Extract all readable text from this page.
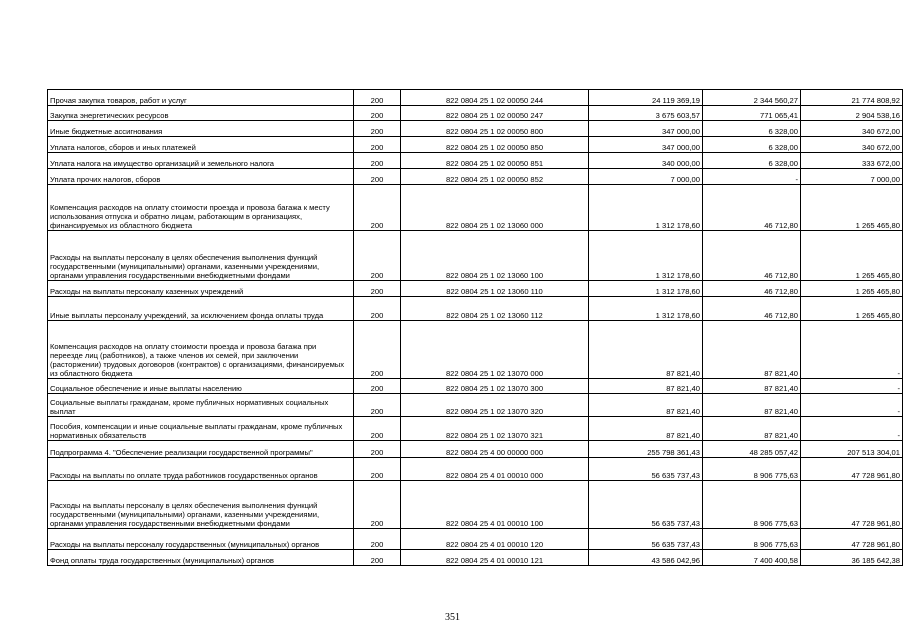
Прочая закупка товаров, работ и услуг	200	822 0804 25 1 02 00050 244	24 119 369,19	2 344 560,27	21 774 808,92
Закупка энергетических ресурсов	200	822 0804 25 1 02 00050 247	3 675 603,57	771 065,41	2 904 538,16
Иные бюджетные ассигнования	200	822 0804 25 1 02 00050 800	347 000,00	6 328,00	340 672,00
Уплата налогов, сборов и иных платежей	200	822 0804 25 1 02 00050 850	347 000,00	6 328,00	340 672,00
Уплата налога на имущество организаций и земельного налога	200	822 0804 25 1 02 00050 851	340 000,00	6 328,00	333 672,00
Уплата прочих налогов, сборов	200	822 0804 25 1 02 00050 852	7 000,00	-	7 000,00
Компенсация расходов на оплату стоимости проезда и провоза багажа к месту использования отпуска и обратно лицам, работающим в организациях, финансируемых из областного бюджета	200	822 0804 25 1 02 13060 000	1 312 178,60	46 712,80	1 265 465,80
Расходы на выплаты персоналу в целях обеспечения выполнения функций государственными (муниципальными) органами, казенными учреждениями, органами управления государственными внебюджетными фондами	200	822 0804 25 1 02 13060 100	1 312 178,60	46 712,80	1 265 465,80
Расходы на выплаты персоналу казенных учреждений	200	822 0804 25 1 02 13060 110	1 312 178,60	46 712,80	1 265 465,80
Иные выплаты персоналу учреждений, за исключением фонда оплаты труда	200	822 0804 25 1 02 13060 112	1 312 178,60	46 712,80	1 265 465,80
Компенсация расходов на оплату стоимости проезда и провоза багажа при переезде лиц (работников), а также членов их семей, при заключении (расторжении) трудовых договоров (контрактов) с организациями, финансируемых из областного бюджета	200	822 0804 25 1 02 13070 000	87 821,40	87 821,40	-
Социальное обеспечение и иные выплаты населению	200	822 0804 25 1 02 13070 300	87 821,40	87 821,40	-
Социальные выплаты гражданам, кроме публичных нормативных социальных выплат	200	822 0804 25 1 02 13070 320	87 821,40	87 821,40	-
Пособия, компенсации и иные социальные выплаты гражданам, кроме публичных нормативных обязательств	200	822 0804 25 1 02 13070 321	87 821,40	87 821,40	-
Подпрограмма 4. "Обеспечение реализации государственной программы"	200	822 0804 25 4 00 00000 000	255 798 361,43	48 285 057,42	207 513 304,01
Расходы на выплаты по оплате труда работников государственных органов	200	822 0804 25 4 01 00010 000	56 635 737,43	8 906 775,63	47 728 961,80
Расходы на выплаты персоналу в целях обеспечения выполнения функций государственными (муниципальными) органами, казенными учреждениями, органами управления государственными внебюджетными фондами	200	822 0804 25 4 01 00010 100	56 635 737,43	8 906 775,63	47 728 961,80
Расходы на выплаты персоналу государственных (муниципальных) органов	200	822 0804 25 4 01 00010 120	56 635 737,43	8 906 775,63	47 728 961,80
Фонд оплаты труда государственных (муниципальных) органов	200	822 0804 25 4 01 00010 121	43 586 042,96	7 400 400,58	36 185 642,38
351
